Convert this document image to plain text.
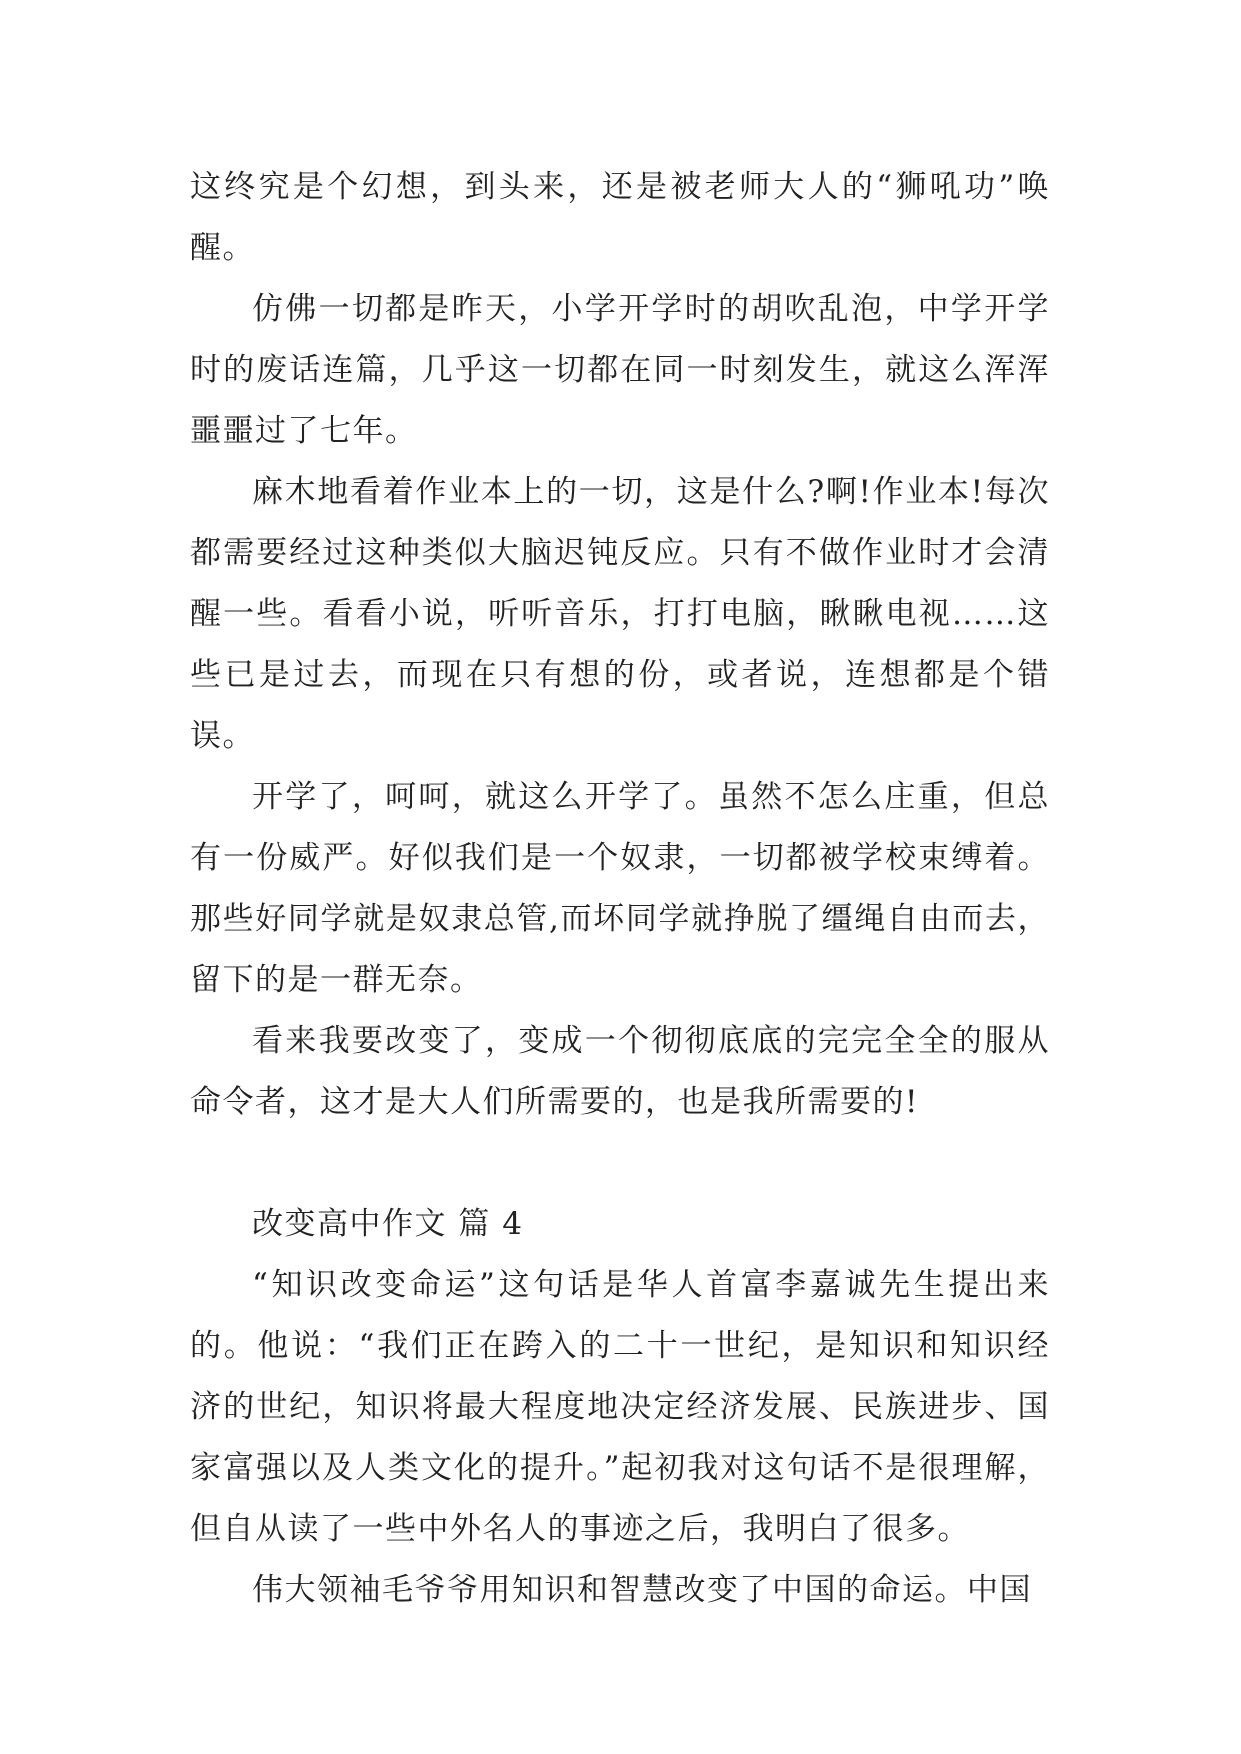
这终究是个幻想，到头来，还是被老师大人的“狮吼功”唤醒。

仿佛一切都是昨天，小学开学时的胡吹乱泡，中学开学时的废话连篇，几乎这一切都在同一时刻发生，就这么浑浑噩噩过了七年。

麻木地看着作业本上的一切，这是什么?啊!作业本!每次都需要经过这种类似大脑迟钝反应。只有不做作业时才会清醒一些。看看小说，听听音乐，打打电脑，瞅瞅电视……这些已是过去，而现在只有想的份，或者说，连想都是个错误。

开学了，呵呵，就这么开学了。虽然不怎么庄重，但总有一份威严。好似我们是一个奴隶，一切都被学校束缚着。那些好同学就是奴隶总管,而坏同学就挣脱了缰绳自由而去，留下的是一群无奈。

看来我要改变了，变成一个彻彻底底的完完全全的服从命令者，这才是大人们所需要的，也是我所需要的!

改变高中作文 篇 4

“知识改变命运”这句话是华人首富李嘉诚先生提出来的。他说：“我们正在跨入的二十一世纪，是知识和知识经济的世纪，知识将最大程度地决定经济发展、民族进步、国家富强以及人类文化的提升。”起初我对这句话不是很理解，但自从读了一些中外名人的事迹之后，我明白了很多。

伟大领袖毛爷爷用知识和智慧改变了中国的命运。中国
